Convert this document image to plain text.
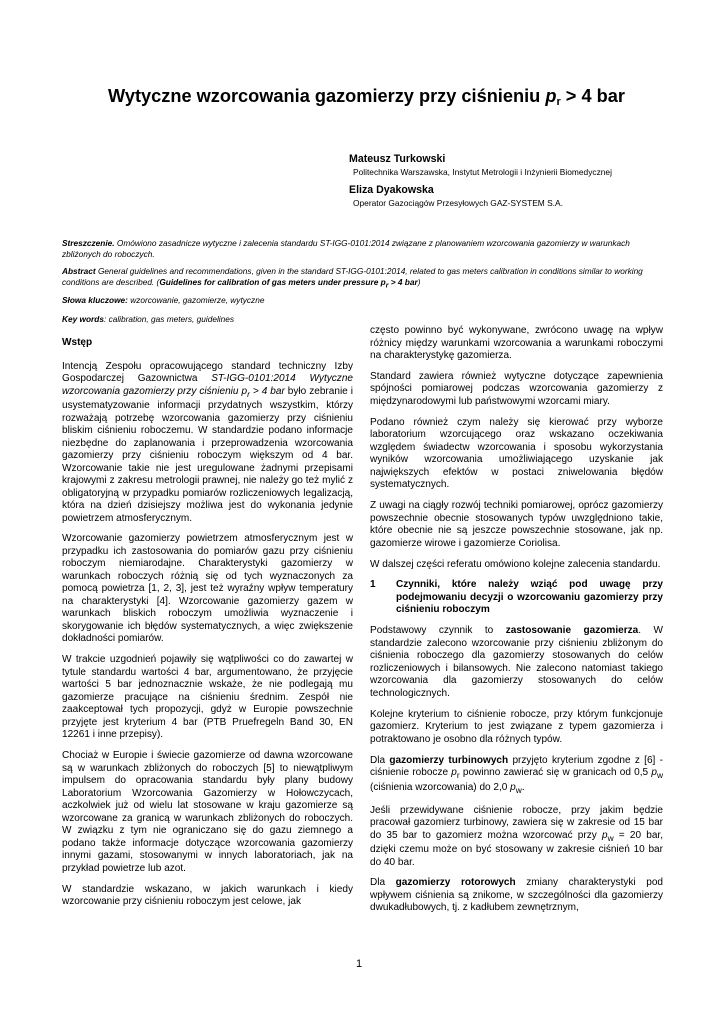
Wytyczne wzorcowania gazomierzy przy ciśnieniu $p_r > 4$ bar
Mateusz Turkowski
Politechnika Warszawska, Instytut Metrologii i Inżynierii Biomedycznej
Eliza Dyakowska
Operator Gazociągów Przesyłowych GAZ-SYSTEM S.A.
Streszczenie. Omówiono zasadnicze wytyczne i zalecenia standardu ST-IGG-0101:2014 związane z planowaniem wzorcowania gazomierzy w warunkach zbliżonych do roboczych.
Abstract General guidelines and recommendations, given in the standard ST-IGG-0101:2014, related to gas meters calibration in conditions similar to working conditions are described. (Guidelines for calibration of gas meters under pressure $p_r > 4$ bar)
Słowa kluczowe: wzorcowanie, gazomierze, wytyczne
Key words: calibration, gas meters, guidelines
Wstęp

Intencją Zespołu opracowującego standard techniczny Izby Gospodarczej Gazownictwa ST-IGG-0101:2014 Wytyczne wzorcowania gazomierzy przy ciśnieniu $p_r > 4$ bar było zebranie i usystematyzowanie informacji przydatnych wszystkim, którzy rozważają potrzebę wzorcowania gazomierzy przy ciśnieniu bliskim ciśnieniu roboczemu. W standardzie podano informacje niezbędne do zaplanowania i przeprowadzenia wzorcowania gazomierzy przy ciśnieniu roboczym większym od 4 bar. Wzorcowanie takie nie jest uregulowane żadnymi przepisami krajowymi z zakresu metrologii prawnej, nie należy go też mylić z obligatoryjną w przypadku pomiarów rozliczeniowych legalizacją, która na dzień dzisiejszy możliwa jest do wykonania jedynie powietrzem atmosferycznym.

Wzorcowanie gazomierzy powietrzem atmosferycznym jest w przypadku ich zastosowania do pomiarów gazu przy ciśnieniu roboczym niemiarodajne. Charakterystyki gazomierzy w warunkach roboczych różnią się od tych wyznaczonych za pomocą powietrza [1, 2, 3], jest też wyraźny wpływ temperatury na charakterystyki [4]. Wzorcowanie gazomierzy gazem w warunkach bliskich roboczym umożliwia wyznaczenie i skorygowanie ich błędów systematycznych, a więc zwiększenie dokładności pomiarów.

W trakcie uzgodnień pojawiły się wątpliwości co do zawartej w tytule standardu wartości 4 bar, argumentowano, że przyjęcie wartości 5 bar jednoznacznie wskaże, że nie podlegają mu gazomierze pracujące na ciśnieniu średnim. Zespół nie zaakceptował tych propozycji, gdyż w Europie powszechnie przyjęte jest kryterium 4 bar (PTB Pruefregeln Band 30, EN 12261 i inne przepisy).

Chociaż w Europie i świecie gazomierze od dawna wzorcowane są w warunkach zbliżonych do roboczych [5] to niewątpliwym impulsem do opracowania standardu były plany budowy Laboratorium Wzorcowania Gazomierzy w Hołowczycach, aczkolwiek już od wielu lat stosowane w kraju gazomierze są wzorcowane za granicą w warunkach zbliżonych do roboczych. W związku z tym nie ograniczano się do gazu ziemnego a podano także informacje dotyczące wzorcowania gazomierzy innymi gazami, stosowanymi w innych laboratoriach, jak na przykład powietrze lub azot.

W standardzie wskazano, w jakich warunkach i kiedy wzorcowanie przy ciśnieniu roboczym jest celowe, jak

często powinno być wykonywane, zwrócono uwagę na wpływ różnicy między warunkami wzorcowania a warunkami roboczymi na charakterystykę gazomierza.

Standard zawiera również wytyczne dotyczące zapewnienia spójności pomiarowej podczas wzorcowania gazomierzy z międzynarodowymi lub państwowymi wzorcami miary.

Podano również czym należy się kierować przy wyborze laboratorium wzorcującego oraz wskazano oczekiwania względem świadectw wzorcowania i sposobu wykorzystania wyników wzorcowania umożliwiającego uzyskanie jak największych efektów w postaci zniwelowania błędów systematycznych.

Z uwagi na ciągły rozwój techniki pomiarowej, oprócz gazomierzy powszechnie obecnie stosowanych typów uwzględniono takie, które obecnie nie są jeszcze powszechnie stosowane, jak np. gazomierze wirowe i gazomierze Coriolisa.

W dalszej części referatu omówiono kolejne zalecenia standardu.

1	Czynniki, które należy wziąć pod uwagę przy podejmowaniu decyzji o wzorcowaniu gazomierzy przy ciśnieniu roboczym

Podstawowy czynnik to zastosowanie gazomierza. W standardzie zalecono wzorcowanie przy ciśnieniu zbliżonym do ciśnienia roboczego dla gazomierzy stosowanych do celów rozliczeniowych i bilansowych. Nie zalecono natomiast takiego wzorcowania dla gazomierzy stosowanych do celów technologicznych.

Kolejne kryterium to ciśnienie robocze, przy którym funkcjonuje gazomierz. Kryterium to jest związane z typem gazomierza i potraktowano je osobno dla różnych typów.

Dla gazomierzy turbinowych przyjęto kryterium zgodne z [6] - ciśnienie robocze $p_r$ powinno zawierać się w granicach od 0,5 $p_w$ (ciśnienia wzorcowania) do 2,0 $p_w$.

Jeśli przewidywane ciśnienie robocze, przy jakim będzie pracował gazomierz turbinowy, zawiera się w zakresie od 15 bar do 35 bar to gazomierz można wzorcować przy $p_w = 20$ bar, dzięki czemu może on być stosowany w zakresie ciśnień 10 bar do 40 bar.

Dla gazomierzy rotorowych zmiany charakterystyki pod wpływem ciśnienia są znikome, w szczególności dla gazomierzy dwukadłubowych, tj. z kadłubem zewnętrznym,

1
